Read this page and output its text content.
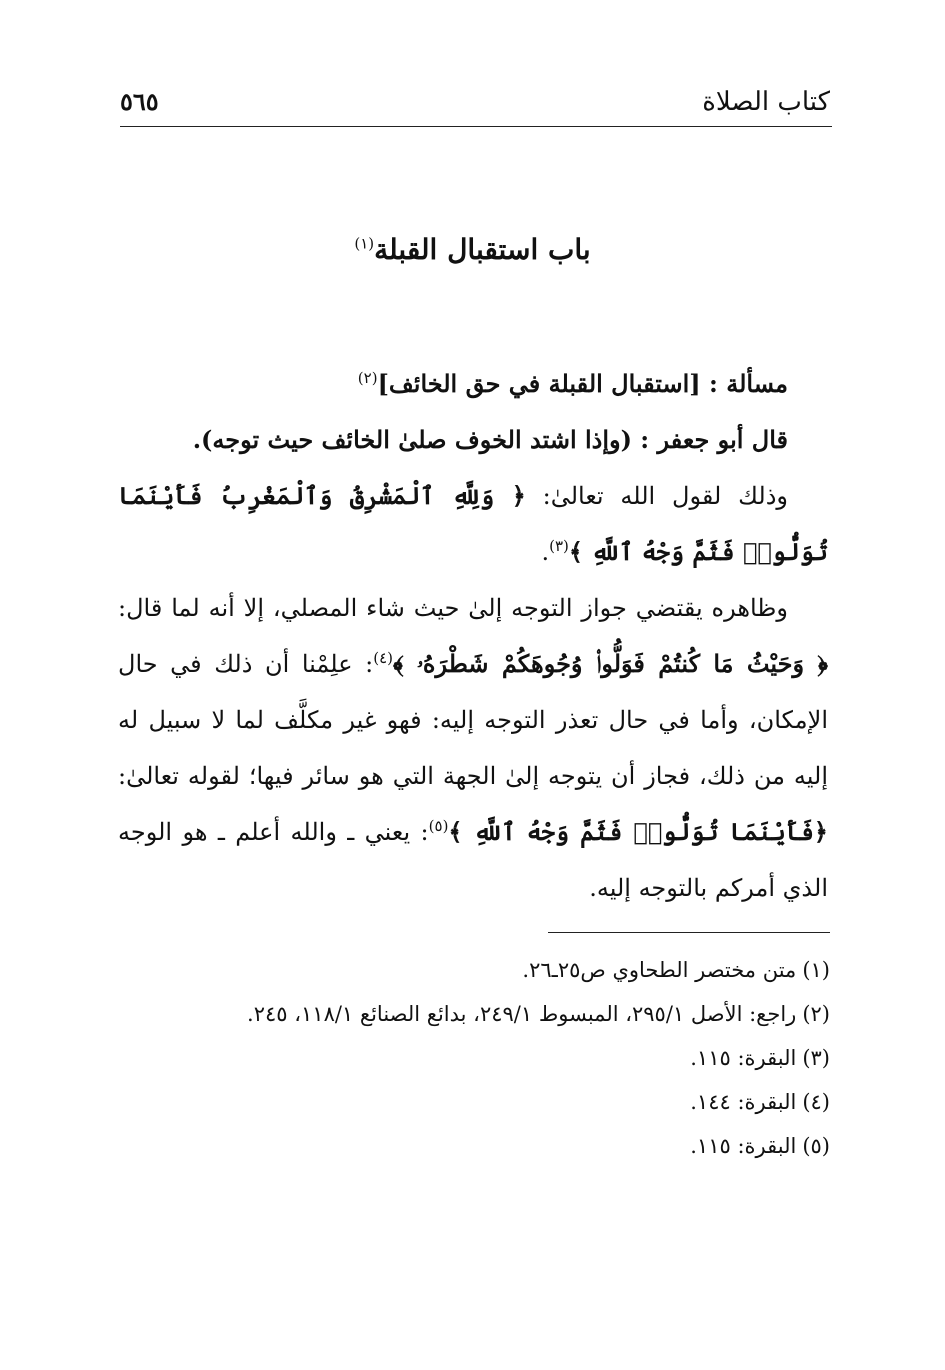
كتاب الصلاة
٥٦٥
باب استقبال القبلة$^{(١)}$

مسألة : [استقبال القبلة في حق الخائف]$^{(٢)}$

قال أبو جعفر : (وإذا اشتد الخوف صلىٰ الخائف حيث توجه).

وذلك لقول الله تعالىٰ: ﴿ وَلِلَّهِ ٱلْمَشْرِقُ وَٱلْمَغْرِبُ فَأَيْنَمَا تُوَلُّوا۟ فَثَمَّ وَجْهُ ٱللَّهِ ﴾$^{(٣)}$.

وظاهره يقتضي جواز التوجه إلىٰ حيث شاء المصلي، إلا أنه لما قال: ﴿ وَحَيْثُ مَا كُنتُمْ فَوَلُّوا۟ وُجُوهَكُمْ شَطْرَهُۥ ﴾$^{(٤)}$: علِمْنا أن ذلك في حال الإمكان، وأما في حال تعذر التوجه إليه: فهو غير مكلَّف لما لا سبيل له إليه من ذلك، فجاز أن يتوجه إلىٰ الجهة التي هو سائر فيها؛ لقوله تعالىٰ: ﴿فَأَيْنَمَا تُوَلُّوا۟ فَثَمَّ وَجْهُ ٱللَّهِ ﴾$^{(٥)}$: يعني ـ والله أعلم ـ هو الوجه الذي أمركم بالتوجه إليه.

(١)متن مختصر الطحاوي ص٢٥ـ٢٦.

(٢)راجع: الأصل ٢٩٥/١، المبسوط ٢٤٩/١، بدائع الصنائع ١١٨/١، ٢٤٥.

(٣)البقرة: ١١٥.

(٤)البقرة: ١٤٤.

(٥)البقرة: ١١٥.
